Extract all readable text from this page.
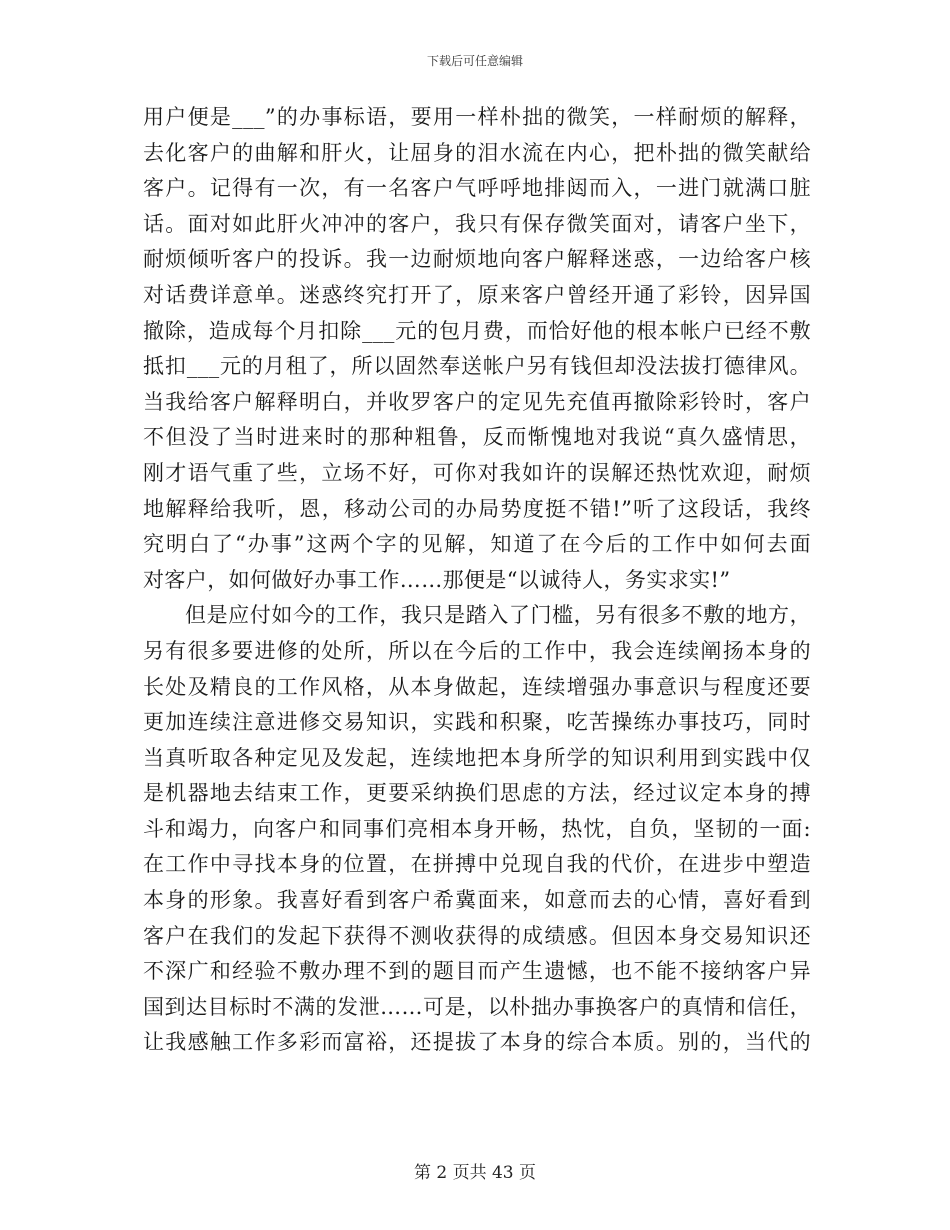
下载后可任意编辑

用户便是___”的办事标语，要用一样朴拙的微笑，一样耐烦的解释，

去化客户的曲解和肝火，让屈身的泪水流在内心，把朴拙的微笑献给

客户。记得有一次，有一名客户气呼呼地排闼而入，一进门就满口脏

话。面对如此肝火冲冲的客户，我只有保存微笑面对，请客户坐下，

耐烦倾听客户的投诉。我一边耐烦地向客户解释迷惑，一边给客户核

对话费详意单。迷惑终究打开了，原来客户曾经开通了彩铃，因异国

撤除，造成每个月扣除___元的包月费，而恰好他的根本帐户已经不敷

抵扣___元的月租了，所以固然奉送帐户另有钱但却没法拔打德律风。

当我给客户解释明白，并收罗客户的定见先充值再撤除彩铃时，客户

不但没了当时进来时的那种粗鲁，反而惭愧地对我说“真久盛情思，

刚才语气重了些，立场不好，可你对我如许的误解还热忱欢迎，耐烦

地解释给我听，恩，移动公司的办局势度挺不错!”听了这段话，我终

究明白了“办事”这两个字的见解，知道了在今后的工作中如何去面

对客户，如何做好办事工作……那便是“以诚待人，务实求实!”

但是应付如今的工作，我只是踏入了门槛，另有很多不敷的地方，

另有很多要进修的处所，所以在今后的工作中，我会连续阐扬本身的

长处及精良的工作风格，从本身做起，连续增强办事意识与程度还要

更加连续注意进修交易知识，实践和积聚，吃苦操练办事技巧，同时

当真听取各种定见及发起，连续地把本身所学的知识利用到实践中仅

是机器地去结束工作，更要采纳换们思虑的方法，经过议定本身的搏

斗和竭力，向客户和同事们亮相本身开畅，热忱，自负，坚韧的一面:

在工作中寻找本身的位置，在拼搏中兑现自我的代价，在进步中塑造

本身的形象。我喜好看到客户希冀面来，如意而去的心情，喜好看到

客户在我们的发起下获得不测收获得的成绩感。但因本身交易知识还

不深广和经验不敷办理不到的题目而产生遗憾，也不能不接纳客户异

国到达目标时不满的发泄……可是，以朴拙办事换客户的真情和信任，

让我感触工作多彩而富裕，还提拔了本身的综合本质。别的，当代的

第 2 页共 43 页
